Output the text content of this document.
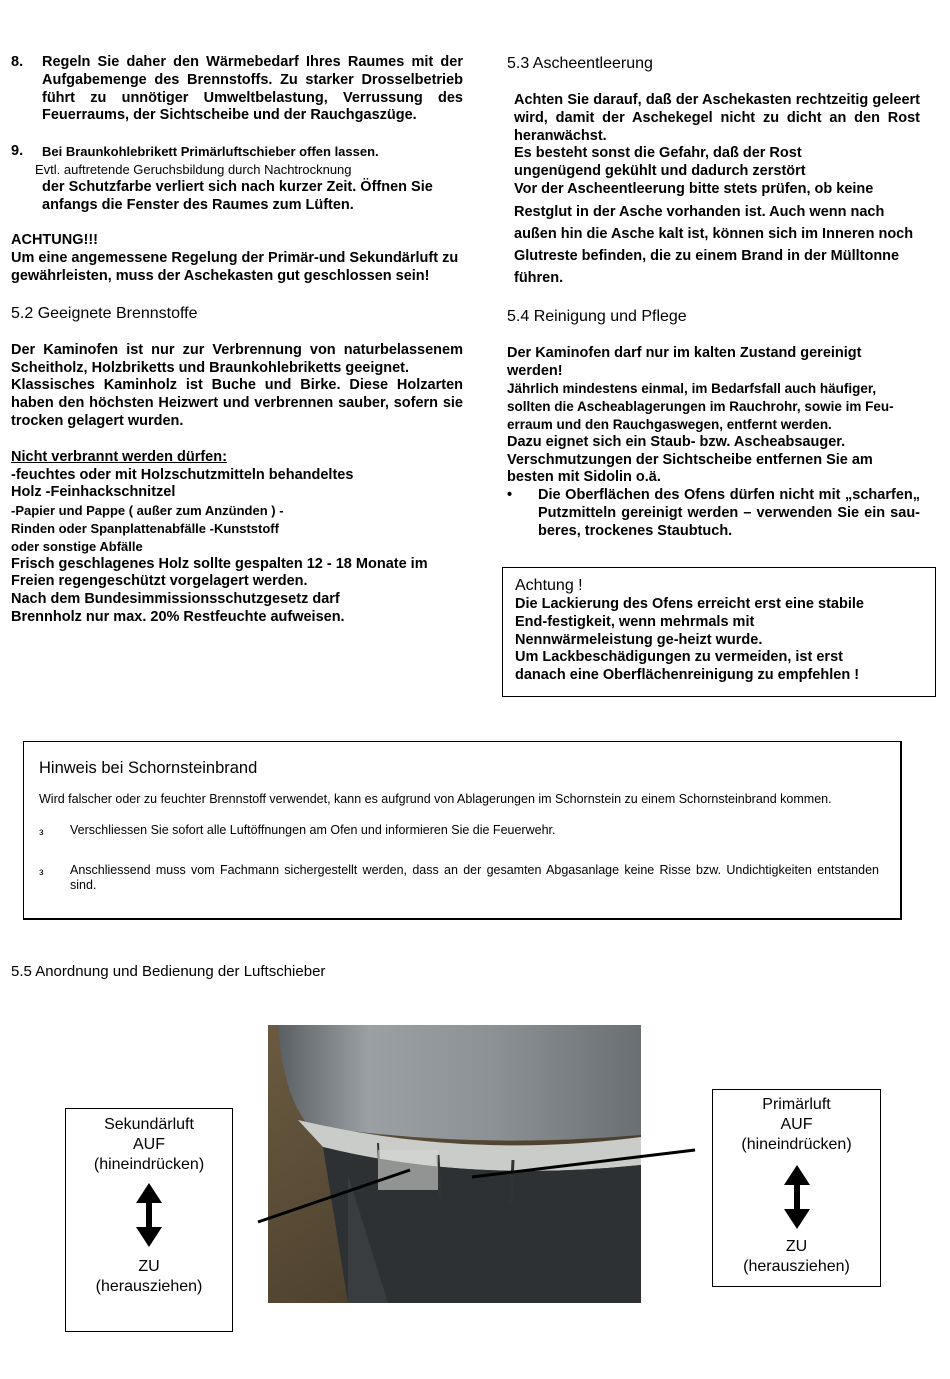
8.	Regeln Sie daher den Wärmebedarf Ihres Raumes mit der Aufgabemenge des Brennstoffs. Zu starker Drosselbetrieb führt zu unnötiger Umweltbelastung, Verrussung des Feuerraums, der Sichtscheibe und der Rauchgaszüge.
9.	Bei Braunkohlebrikett Primärluftschieber offen lassen.
Evtl. auftretende Geruchsbildung durch Nachtrocknung
der Schutzfarbe verliert sich nach kurzer Zeit. Öffnen Sie anfangs die Fenster des Raumes zum Lüften.

ACHTUNG!!!

Um eine angemessene Regelung der Primär-und Sekundärluft zu gewährleisten, muss der Aschekasten gut geschlossen sein!

5.2 Geeignete Brennstoffe

Der Kaminofen ist nur zur Verbrennung von naturbelassenem Scheitholz, Holzbriketts und Braunkohlebriketts geeignet.

Klassisches Kaminholz ist Buche und Birke. Diese Holzarten haben den höchsten Heizwert und verbrennen sauber, sofern sie trocken gelagert wurden.

Nicht verbrannt werden dürfen:

-feuchtes oder mit Holzschutzmitteln behandeltes

Holz -Feinhackschnitzel

-Papier und Pappe ( außer zum Anzünden ) -

Rinden oder Spanplattenabfälle -Kunststoff

oder sonstige Abfälle

Frisch geschlagenes Holz sollte gespalten 12 - 18 Monate im Freien regengeschützt vorgelagert werden.

Nach dem Bundesimmissionsschutzgesetz darf

Brennholz nur max. 20% Restfeuchte aufweisen.

5.3 Ascheentleerung

Achten Sie darauf, daß der Aschekasten rechtzeitig geleert wird, damit der Aschekegel nicht zu dicht an den Rost heranwächst.

Es besteht sonst die Gefahr, daß der Rost

ungenügend gekühlt und dadurch zerstört

Vor der Ascheentleerung bitte stets prüfen, ob keine

Restglut in der Asche vorhanden ist. Auch wenn nach außen hin die Asche kalt ist, können sich im Inneren noch Glutreste befinden, die zu einem Brand in der Mülltonne führen.

5.4 Reinigung und Pflege

Der Kaminofen darf nur im kalten Zustand gereinigt werden!

Jährlich mindestens einmal, im Bedarfsfall auch häufiger, sollten die Ascheablagerungen im Rauchrohr, sowie im Feu-erraum und den Rauchgaswegen, entfernt werden.

Dazu eignet sich ein Staub- bzw. Ascheabsauger.

Verschmutzungen der Sichtscheibe entfernen Sie am besten mit Sidolin o.ä.

•	Die Oberflächen des Ofens dürfen nicht mit „scharfen„ Putzmitteln gereinigt werden – verwenden Sie ein sau-beres, trockenes Staubtuch.
Achtung !

Die Lackierung des Ofens erreicht erst eine stabile

End-festigkeit, wenn mehrmals mit

Nennwärmeleistung ge-heizt wurde.

Um Lackbeschädigungen zu vermeiden, ist erst

danach eine Oberflächenreinigung zu empfehlen !

Hinweis bei Schornsteinbrand

Wird falscher oder zu feuchter Brennstoff verwendet, kann es aufgrund von Ablagerungen im Schornstein zu einem Schornsteinbrand kommen.

з	Verschliessen Sie sofort alle Luftöffnungen am Ofen und informieren Sie die Feuerwehr.
з	Anschliessend muss vom Fachmann sichergestellt werden, dass an der gesamten Abgasanlage keine Risse bzw. Undichtigkeiten entstanden sind.
5.5 Anordnung und Bedienung der Luftschieber
Sekundärluft
AUF
(hineindrücken)
ZU
(herausziehen)
Primärluft
AUF
(hineindrücken)
ZU
(herausziehen)
